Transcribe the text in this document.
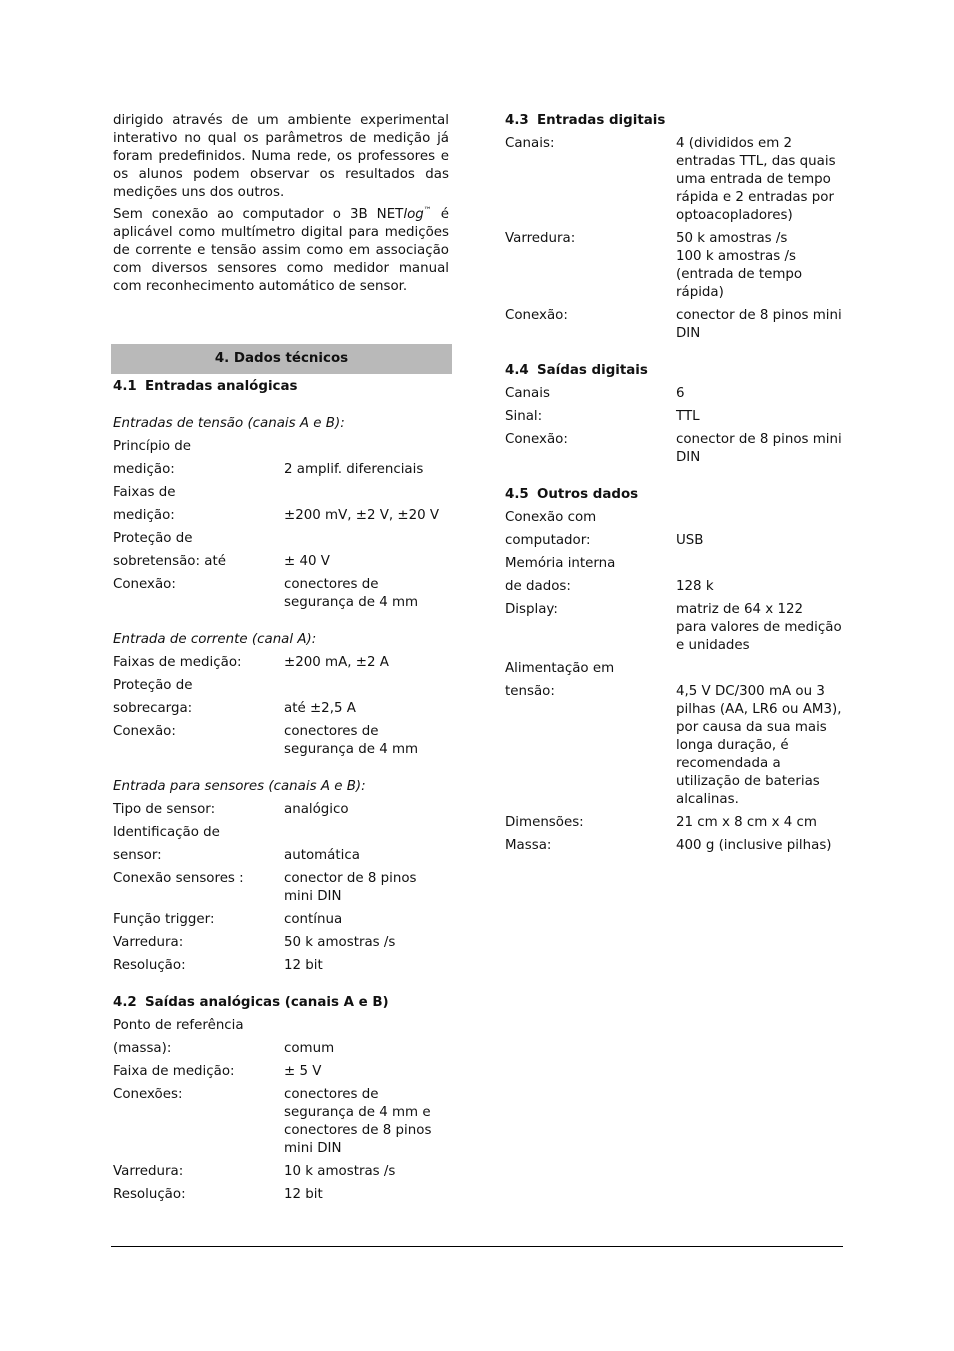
dirigido através de um ambiente experimental interativo no qual os parâmetros de medição já foram predefinidos. Numa rede, os professores e os alunos podem observar os resultados das medições uns dos outros.

Sem conexão ao computador o 3B NETlog™ é aplicável como multímetro digital para medições de corrente e tensão assim como em associação com diversos sensores como medidor manual com reconhecimento automático de sensor.

4. Dados técnicos

4.1 Entradas analógicas

Entradas de tensão (canais A e B):

Princípio de

medição:	2 amplif. diferenciais

Faixas de

medição:	±200 mV, ±2 V, ±20 V

Proteção de

sobretensão: até	± 40 V
Conexão:	conectores de segurança de 4 mm

Entrada de corrente (canal A):

Faixas de medição:	±200 mA, ±2 A

Proteção de

sobrecarga:	até ±2,5 A
Conexão:	conectores de segurança de 4 mm

Entrada para sensores (canais A e B):

Tipo de sensor:	analógico

Identificação de

sensor:	automática
Conexão sensores :	conector de 8 pinos mini DIN
Função trigger:	contínua
Varredura:	50 k amostras /s
Resolução:	12 bit

4.2 Saídas analógicas (canais A e B)

Ponto de referência

(massa):	comum
Faixa de medição:	± 5 V
Conexões:	conectores de segurança de 4 mm e conectores de 8 pinos mini DIN
Varredura:	10 k amostras /s
Resolução:	12 bit

4.3 Entradas digitais

Canais:	4 (divididos em 2 entradas TTL, das quais uma entrada de tempo rápida e 2 entradas por optoacopladores)
Varredura:	50 k amostras /s
100 k amostras /s (entrada de tempo rápida)
Conexão:	conector de 8 pinos mini DIN

4.4 Saídas digitais

Canais	6
Sinal:	TTL
Conexão:	conector de 8 pinos mini DIN

4.5 Outros dados

Conexão com

computador:	USB

Memória interna

de dados:	128 k
Display:	matriz de 64 x 122
para valores de medição e unidades

Alimentação em

tensão:	4,5 V DC/300 mA ou 3 pilhas (AA, LR6 ou AM3), por causa da sua mais longa duração, é recomendada a utilização de baterias alcalinas.
Dimensões:	21 cm x 8 cm x 4 cm
Massa:	400 g (inclusive pilhas)
